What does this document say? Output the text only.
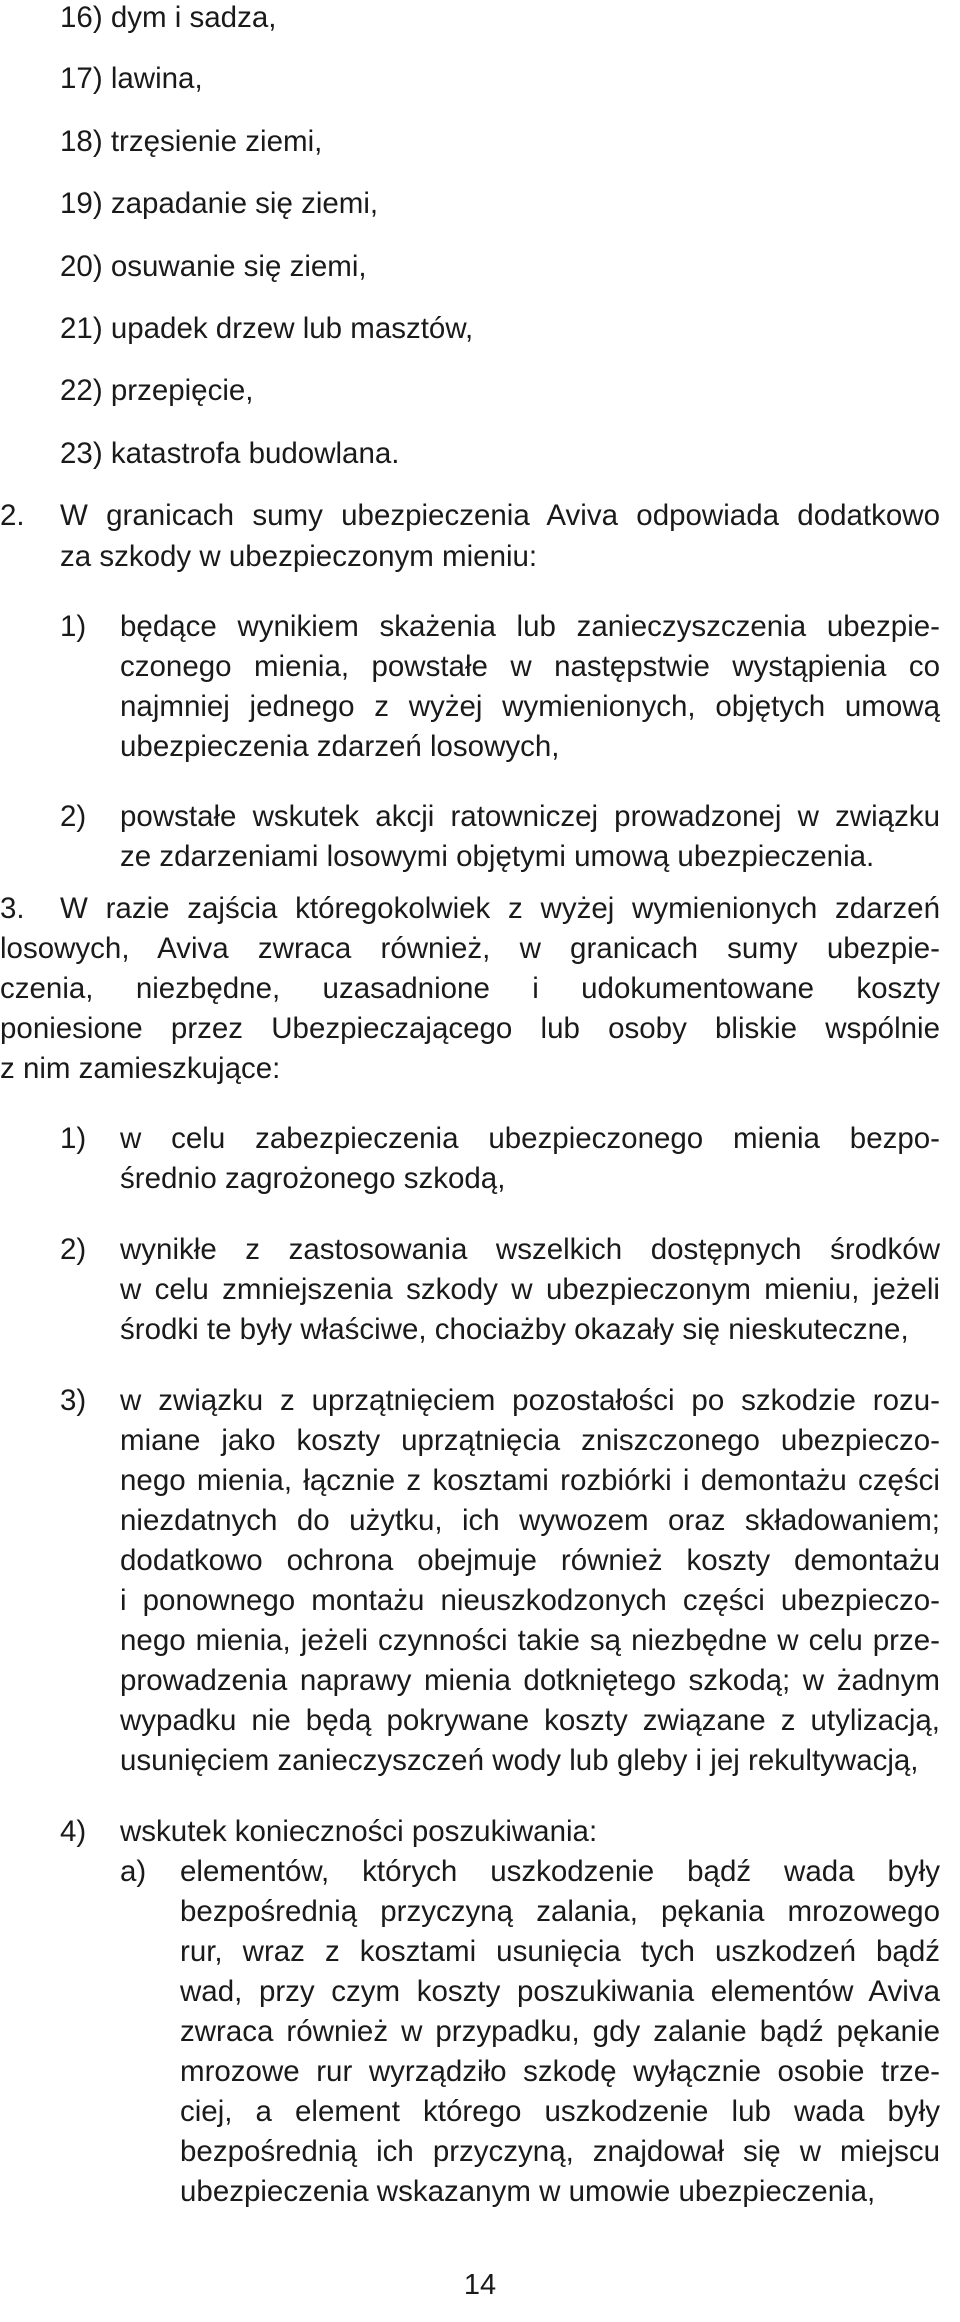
16) dym i sadza,
17) lawina,
18) trzęsienie ziemi,
19) zapadanie się ziemi,
20) osuwanie się ziemi,
21) upadek drzew lub masztów,
22) przepięcie,
23) katastrofa budowlana.
2. W granicach sumy ubezpieczenia Aviva odpowiada dodatkowo
za szkody w ubezpieczonym mieniu:
1) będące wynikiem skażenia lub zanieczyszczenia ubezpie-
czonego mienia, powstałe w następstwie wystąpienia co
najmniej jednego z wyżej wymienionych, objętych umową
ubezpieczenia zdarzeń losowych,
2) powstałe wskutek akcji ratowniczej prowadzonej w związku
ze zdarzeniami losowymi objętymi umową ubezpieczenia.
3. W razie zajścia któregokolwiek z wyżej wymienionych zdarzeń
losowych, Aviva zwraca również, w granicach sumy ubezpie-
czenia, niezbędne, uzasadnione i udokumentowane koszty
poniesione przez Ubezpieczającego lub osoby bliskie wspólnie
z nim zamieszkujące:
1) w celu zabezpieczenia ubezpieczonego mienia bezpo-
średnio zagrożonego szkodą,
2) wynikłe z zastosowania wszelkich dostępnych środków
w celu zmniejszenia szkody w ubezpieczonym mieniu, jeżeli
środki te były właściwe, chociażby okazały się nieskuteczne,
3) w związku z uprzątnięciem pozostałości po szkodzie rozu-
miane jako koszty uprzątnięcia zniszczonego ubezpieczo-
nego mienia, łącznie z kosztami rozbiórki i demontażu części
niezdatnych do użytku, ich wywozem oraz składowaniem;
dodatkowo ochrona obejmuje również koszty demontażu
i ponownego montażu nieuszkodzonych części ubezpieczo-
nego mienia, jeżeli czynności takie są niezbędne w celu prze-
prowadzenia naprawy mienia dotkniętego szkodą; w żadnym
wypadku nie będą pokrywane koszty związane z utylizacją,
usunięciem zanieczyszczeń wody lub gleby i jej rekultywacją,
4) wskutek konieczności poszukiwania:
a) elementów, których uszkodzenie bądź wada były
bezpośrednią przyczyną zalania, pękania mrozowego
rur, wraz z kosztami usunięcia tych uszkodzeń bądź
wad, przy czym koszty poszukiwania elementów Aviva
zwraca również w przypadku, gdy zalanie bądź pękanie
mrozowe rur wyrządziło szkodę wyłącznie osobie trze-
ciej, a element którego uszkodzenie lub wada były
bezpośrednią ich przyczyną, znajdował się w miejscu
ubezpieczenia wskazanym w umowie ubezpieczenia,
14
